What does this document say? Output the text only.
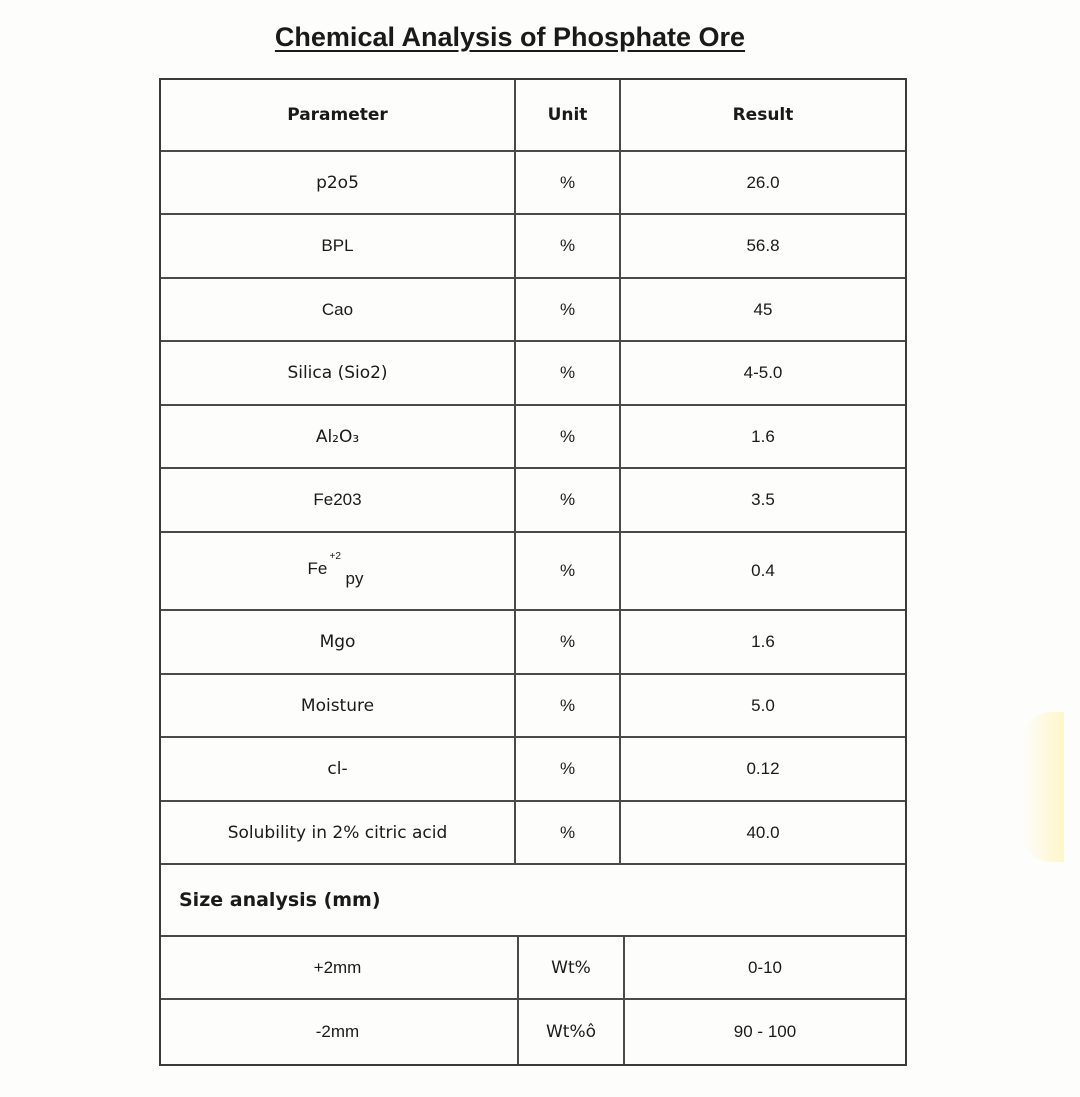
Chemical Analysis of Phosphate Ore
Parameter	Unit	Result
p2o5	%	26.0
BPL	%	56.8
Cao	%	45
Silica (Sio2)	%	4-5.0
Al₂O₃	%	1.6
Fe203	%	3.5
Fe
+2
py	%	0.4
Mgo	%	1.6
Moisture	%	5.0
cl-	%	0.12
Solubility in 2% citric acid	%	40.0
Size analysis (mm)
+2mm	Wt%	0-10
-2mm	Wt%ô	90 - 100
